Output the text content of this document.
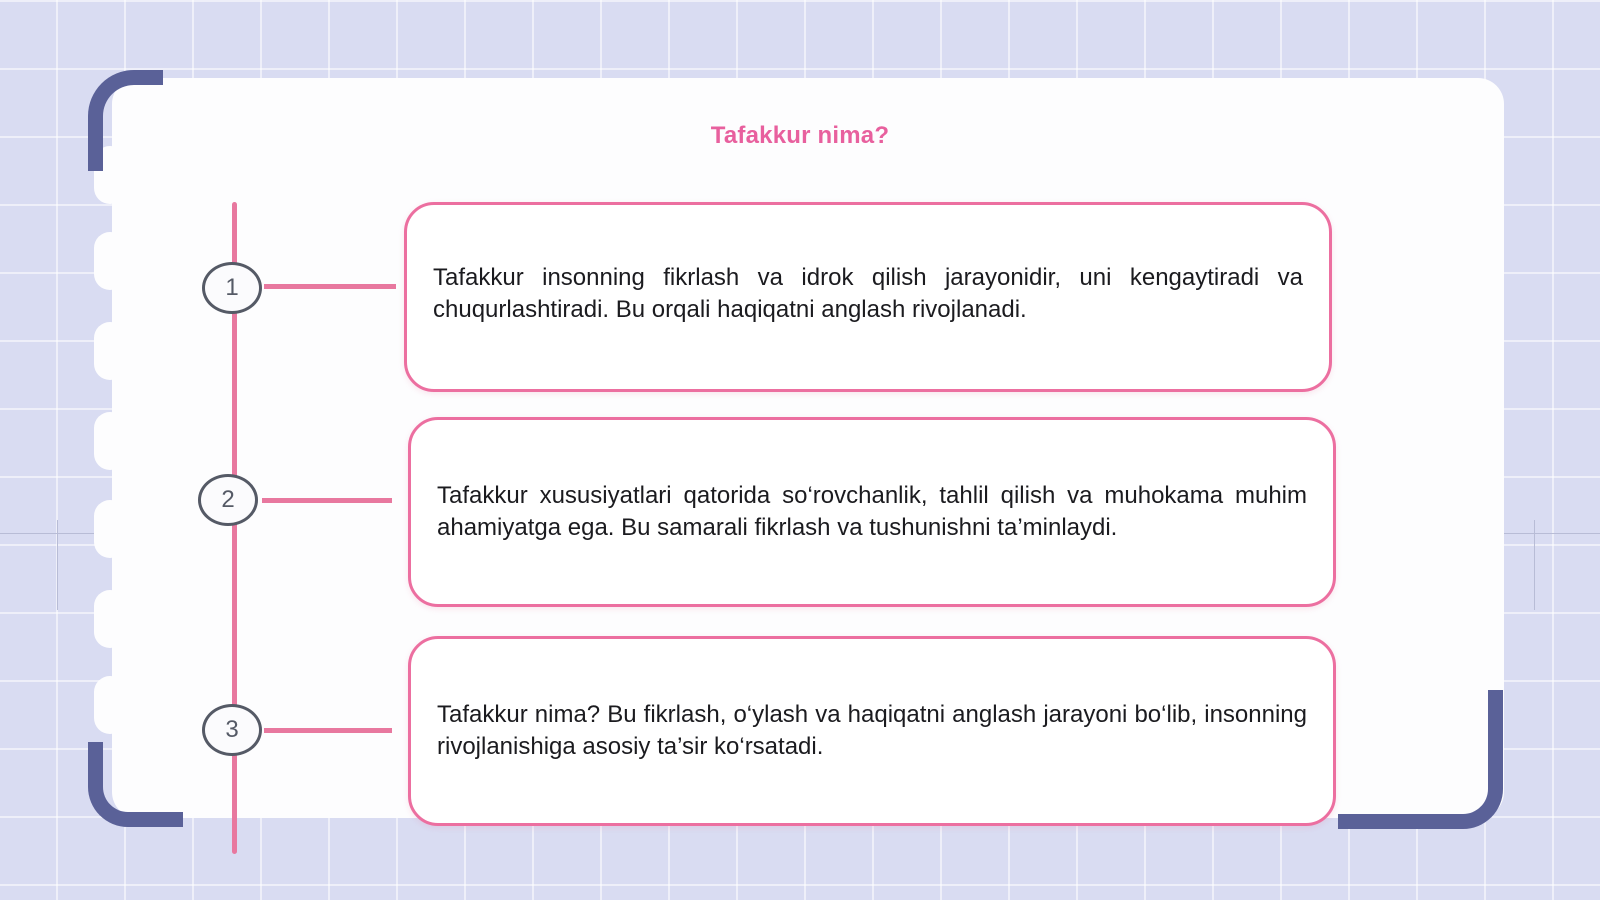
Tafakkur nima?
1	Tafakkur insonning fikrlash va idrok qilish jarayonidir, uni kengaytiradi va chuqurlashtiradi. Bu orqali haqiqatni anglash rivojlanadi.
2	Tafakkur xususiyatlari qatorida so‘rovchanlik, tahlil qilish va muhokama muhim ahamiyatga ega. Bu samarali fikrlash va tushunishni ta’minlaydi.
3
Tafakkur nima? Bu fikrlash, o‘ylash va haqiqatni anglash jarayoni bo‘lib, insonning rivojlanishiga asosiy ta’sir ko‘rsatadi.
